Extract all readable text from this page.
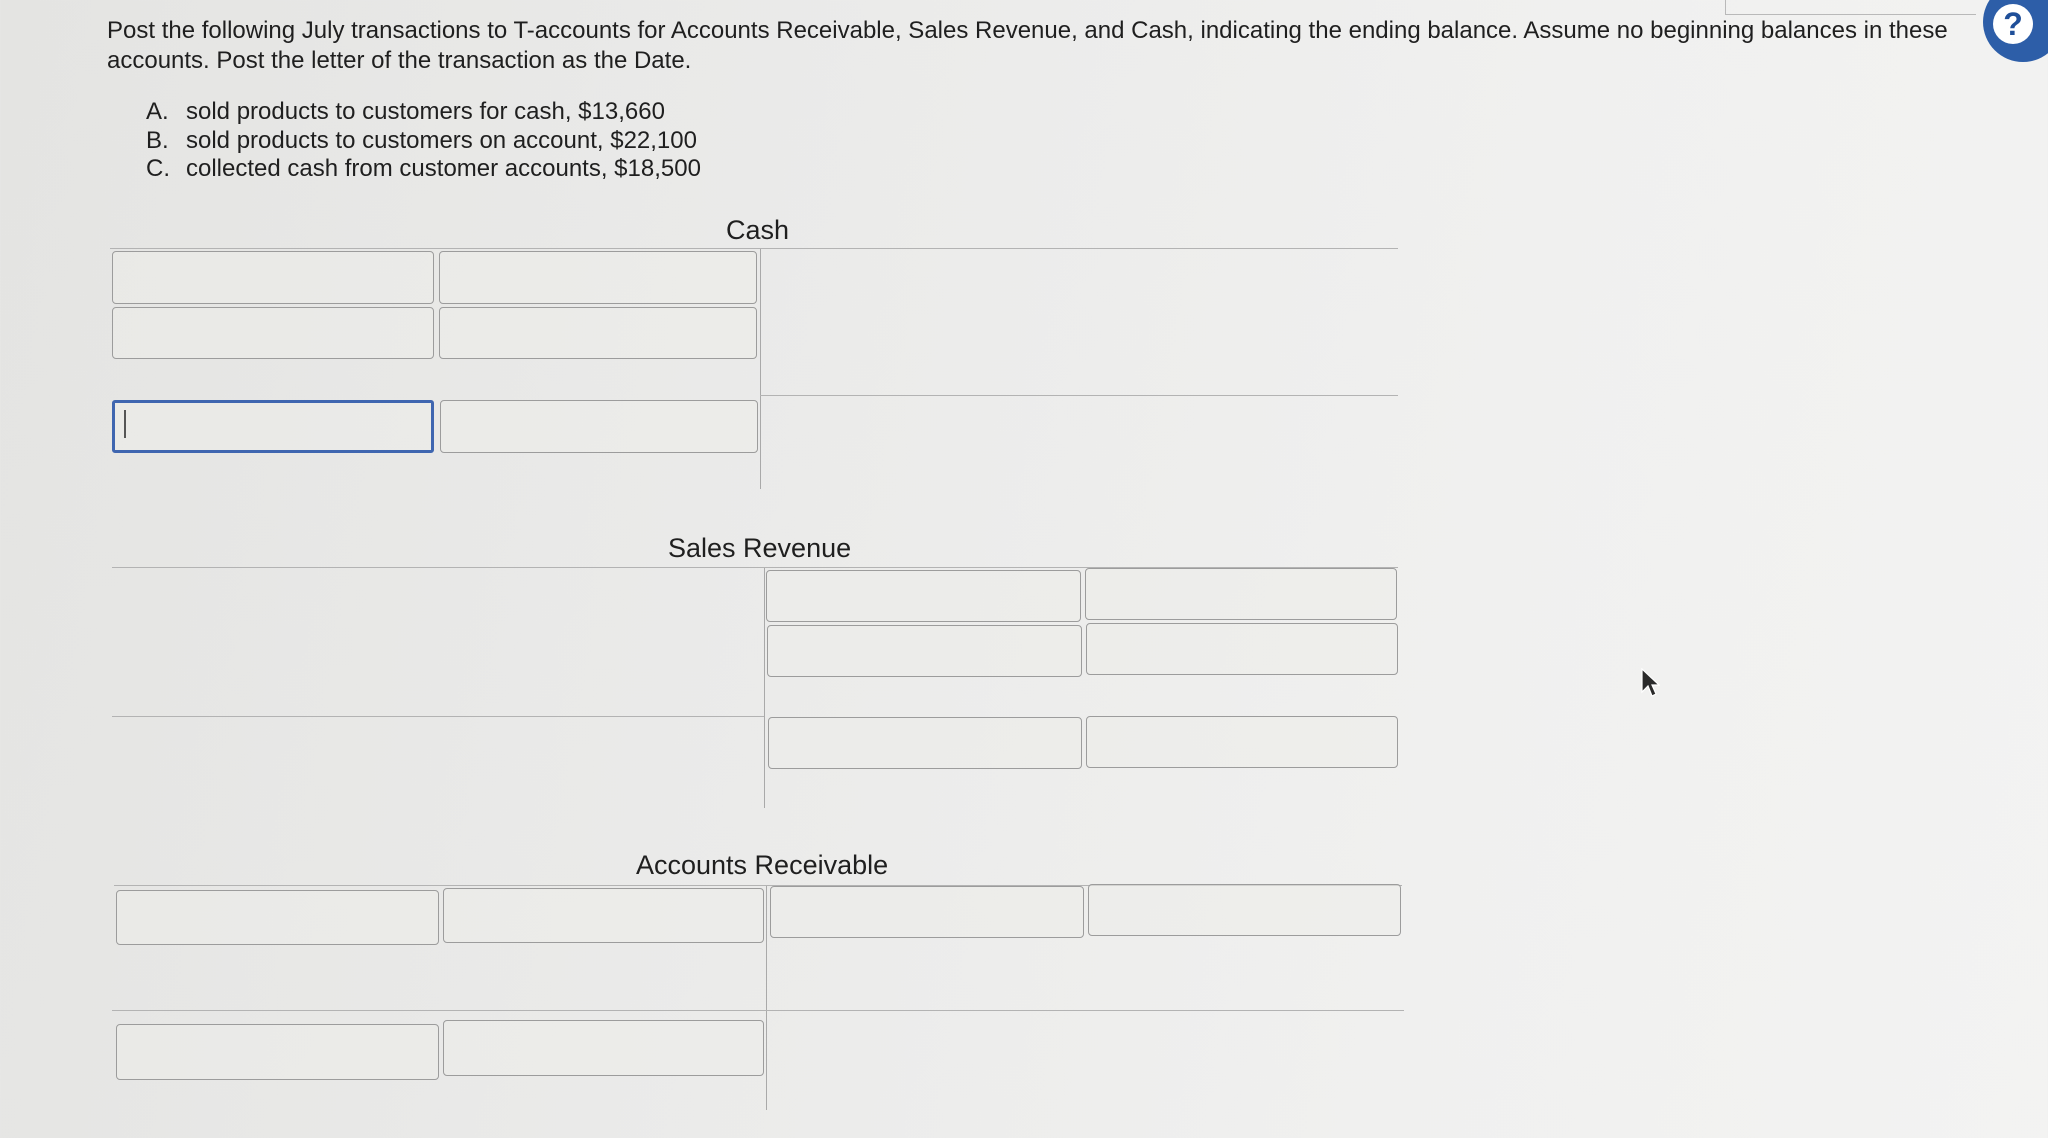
?
Post the following July transactions to T-accounts for Accounts Receivable, Sales Revenue, and Cash, indicating the ending balance. Assume no beginning balances in these accounts. Post the letter of the transaction as the Date.
A. sold products to customers for cash, $13,660
B. sold products to customers on account, $22,100
C. collected cash from customer accounts, $18,500
Cash
Sales Revenue
Accounts Receivable
